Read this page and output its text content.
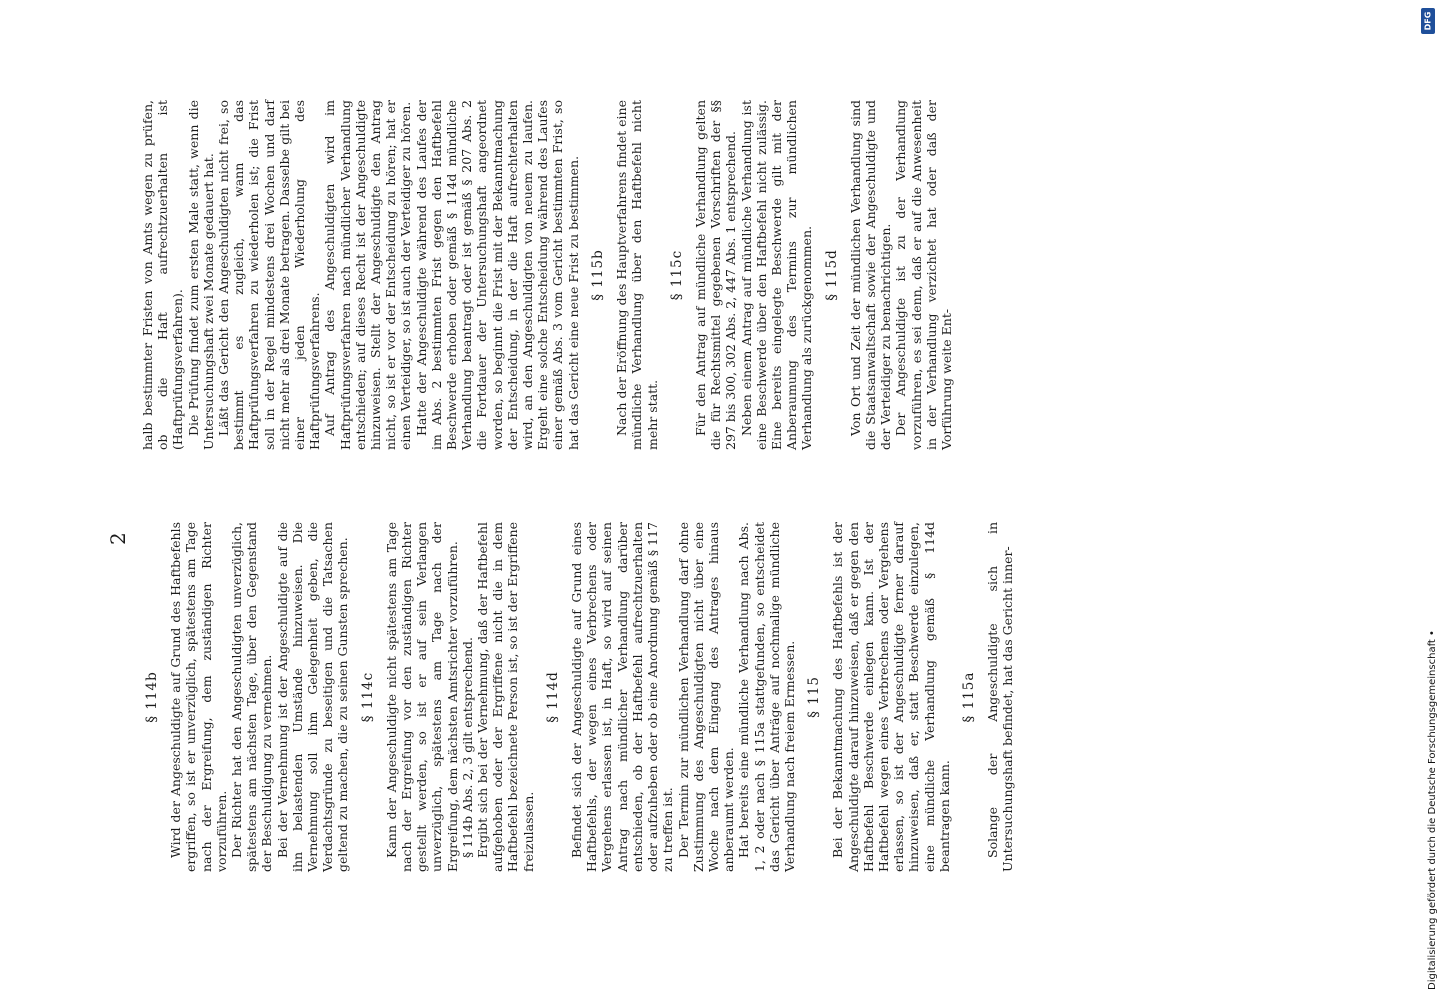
2
§ 114b Wird der Angeschuldigte auf Grund des Haftbefehls ergriffen, so ist er unverzüglich, spätestens am Tage nach der Ergreifung, dem zuständigen Richter vorzuführen. Der Richter hat den Angeschuldigten unverzüglich, spätestens am nächsten Tage, über den Gegenstand der Beschuldigung zu vernehmen. Bei der Vernehmung ist der Angeschuldigte auf die ihn belastenden Umstände hinzuweisen. Die Vernehmung soll ihm Gelegenheit geben, die Verdachtsgründe zu beseitigen und die Tatsachen geltend zu machen, die zu seinen Gunsten sprechen. § 114c Kann der Angeschuldigte nicht spätestens am Tage nach der Ergreifung vor den zuständigen Richter gestellt werden, so ist er auf sein Verlangen unverzüglich, spätestens am Tage nach der Ergreifung, dem nächsten Amtsrichter vorzuführen. § 114b Abs. 2, 3 gilt entsprechend. Ergibt sich bei der Vernehmung, daß der Haftbefehl aufgehoben oder der Ergriffene nicht die in dem Haftbefehl bezeichnete Person ist, so ist der Ergriffene freizulassen.

§ 114d Befindet sich der Angeschuldigte auf Grund eines Haftbefehls, der wegen eines Verbrechens oder Vergehens erlassen ist, in Haft, so wird auf seinen Antrag nach mündlicher Verhandlung darüber entschieden, ob der Haftbefehl aufrechtzuerhalten oder aufzuheben oder ob eine Anordnung gemäß § 117 zu treffen ist. Der Termin zur mündlichen Verhandlung darf ohne Zustimmung des Angeschuldigten nicht über eine Woche nach dem Eingang des Antrages hinaus anberaumt werden. Hat bereits eine mündliche Verhandlung nach Abs. 1, 2 oder nach § 115a stattgefunden, so entscheidet das Gericht über Anträge auf nochmalige mündliche Verhandlung nach freiem Ermessen. § 115 Bei der Bekanntmachung des Haftbefehls ist der Angeschuldigte darauf hinzuweisen, daß er gegen den Haftbefehl Beschwerde einlegen kann. Ist der Haftbefehl wegen eines Verbrechens oder Vergehens erlassen, so ist der Angeschuldigte ferner darauf hinzuweisen, daß er, statt Beschwerde einzulegen, eine mündliche Verhandlung gemäß § 114d beantragen kann.

§ 115a Solange der Angeschuldigte sich in Untersuchungshaft befindet, hat das Gericht inner-

halb bestimmter Fristen von Amts wegen zu prüfen, ob die Haft aufrechtzuerhalten ist (Haftprüfungsverfahren). Die Prüfung findet zum ersten Male statt, wenn die Untersuchungshaft zwei Monate gedauert hat. Läßt das Gericht den Angeschuldigten nicht frei, so bestimmt es zugleich, wann das Haftprüfungsverfahren zu wiederholen ist; die Frist soll in der Regel mindestens drei Wochen und darf nicht mehr als drei Monate betragen. Dasselbe gilt bei einer jeden Wiederholung des Haftprüfungsverfahrens. Auf Antrag des Angeschuldigten wird im Haftprüfungsverfahren nach mündlicher Verhandlung entschieden; auf dieses Recht ist der Angeschuldigte hinzuweisen. Stellt der Angeschuldigte den Antrag nicht, so ist er vor der Entscheidung zu hören; hat er einen Verteidiger, so ist auch der Verteidiger zu hören. Hatte der Angeschuldigte während des Laufes der im Abs. 2 bestimmten Frist gegen den Haftbefehl Beschwerde erhoben oder gemäß § 114d mündliche Verhandlung beantragt oder ist gemäß § 207 Abs. 2 die Fortdauer der Untersuchungshaft angeordnet worden, so beginnt die Frist mit der Bekanntmachung der Entscheidung, in der die Haft aufrechterhalten wird, an den Angeschuldigten von neuem zu laufen. Ergeht eine solche Entscheidung während des Laufes einer gemäß Abs. 3 vom Gericht bestimmten Frist, so hat das Gericht eine neue Frist zu bestimmen. § 115b Nach der Eröffnung des Hauptverfahrens findet eine mündliche Verhandlung über den Haftbefehl nicht mehr statt.

§ 115c Für den Antrag auf mündliche Verhandlung gelten die für Rechtsmittel gegebenen Vorschriften der §§ 297 bis 300, 302 Abs. 2, 447 Abs. 1 entsprechend. Neben einem Antrag auf mündliche Verhandlung ist eine Beschwerde über den Haftbefehl nicht zulässig. Eine bereits eingelegte Beschwerde gilt mit der Anberaumung des Termins zur mündlichen Verhandlung als zurückgenommen. § 115d Von Ort und Zeit der mündlichen Verhandlung sind die Staatsanwaltschaft sowie der Angeschuldigte und der Verteidiger zu benachrichtigen. Der Angeschuldigte ist zu der Verhandlung vorzuführen, es sei denn, daß er auf die Anwesenheit in der Verhandlung verzichtet hat oder daß der Vorführung weite Ent-

Digitalisierung gefördert durch die Deutsche Forschungsgemeinschaft •
DFG
